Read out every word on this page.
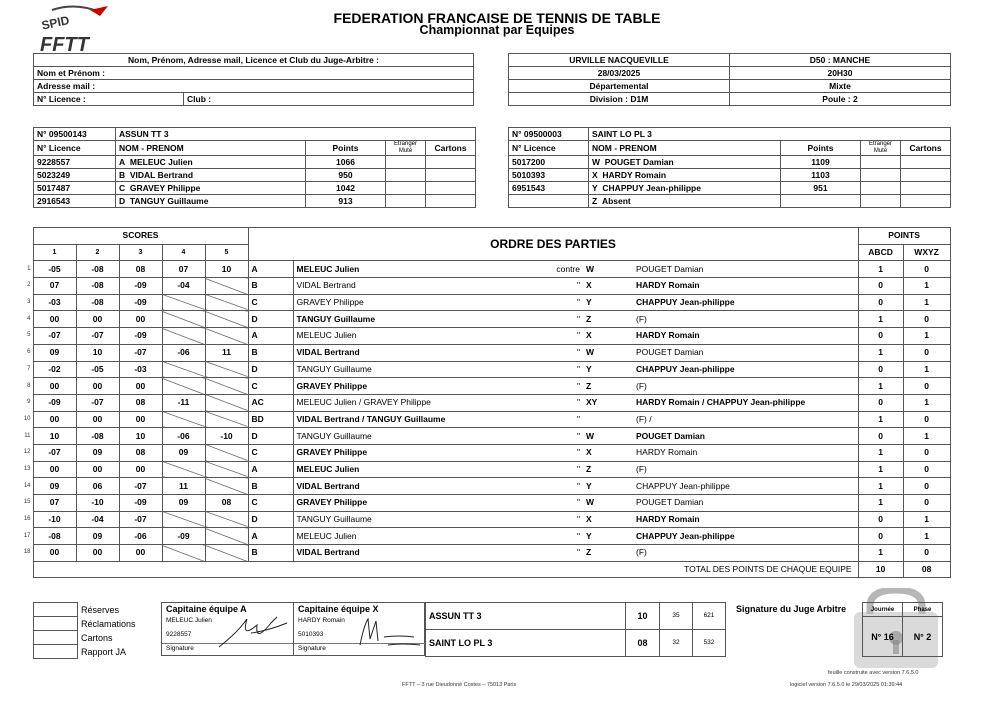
SPID
FFTT
FEDERATION FRANCAISE DE TENNIS DE TABLE
Championnat par Equipes
Nom, Prénom, Adresse mail, Licence et Club du Juge-Arbitre :
Nom et Prénom :
Adresse mail :
N° Licence :	Club :
URVILLE NACQUEVILLE	D50 : MANCHE
28/03/2025	20H30
Départemental	Mixte
Division : D1M	Poule : 2
N° 09500143	ASSUN TT 3			
N° Licence	NOM - PRENOM	Points	Etranger Muté	Cartons
9228557	A MELEUC Julien	1066		
5023249	B VIDAL Bertrand	950		
5017487	C GRAVEY Philippe	1042		
2916543	D TANGUY Guillaume	913		
N° 09500003	SAINT LO PL 3			
N° Licence	NOM - PRENOM	Points	Etranger Muté	Cartons
5017200	W POUGET Damian	1109		
5010393	X HARDY Romain	1103		
6951543	Y CHAPPUY Jean-philippe	951		
	Z Absent			
	SCORES					ORDRE DES PARTIES					POINTS	
	1	2	3	4	5						ABCD	WXYZ
1	-05	-08	08	07	10	A	MELEUC Julien	contre	W	POUGET Damian	1	0
2	07	-08	-09	-04		B	VIDAL Bertrand	"	X	HARDY Romain	0	1
3	-03	-08	-09			C	GRAVEY Philippe	"	Y	CHAPPUY Jean-philippe	0	1
4	00	00	00			D	TANGUY Guillaume	"	Z	(F)	1	0
5	-07	-07	-09			A	MELEUC Julien	"	X	HARDY Romain	0	1
6	09	10	-07	-06	11	B	VIDAL Bertrand	"	W	POUGET Damian	1	0
7	-02	-05	-03			D	TANGUY Guillaume	"	Y	CHAPPUY Jean-philippe	0	1
8	00	00	00			C	GRAVEY Philippe	"	Z	(F)	1	0
9	-09	-07	08	-11		AC	MELEUC Julien / GRAVEY Philippe	"	XY	HARDY Romain / CHAPPUY Jean-philippe	0	1
10	00	00	00			BD	VIDAL Bertrand / TANGUY Guillaume	"		(F) /	1	0
11	10	-08	10	-06	-10	D	TANGUY Guillaume	"	W	POUGET Damian	0	1
12	-07	09	08	09		C	GRAVEY Philippe	"	X	HARDY Romain	1	0
13	00	00	00			A	MELEUC Julien	"	Z	(F)	1	0
14	09	06	-07	11		B	VIDAL Bertrand	"	Y	CHAPPUY Jean-philippe	1	0
15	07	-10	-09	09	08	C	GRAVEY Philippe	"	W	POUGET Damian	1	0
16	-10	-04	-07			D	TANGUY Guillaume	"	X	HARDY Romain	0	1
17	-08	09	-06	-09		A	MELEUC Julien	"	Y	CHAPPUY Jean-philippe	0	1
18	00	00	00			B	VIDAL Bertrand	"	Z	(F)	1	0
	TOTAL DES POINTS DE CHAQUE EQUIPE										10	08
	Réserves
	Réclamations
	Cartons
	Rapport JA
Capitaine équipe A
MELEUC Julien
9228557
Signature
Capitaine équipe X
HARDY Romain
5010393
Signature
ASSUN TT 3	10	35	621
SAINT LO PL 3	08	32	532
Signature du Juge Arbitre	Journée	Phase
N° 16	N° 2
FFTT – 3 rue Dieudonné Costes – 75013 Paris
feuille construite avec version 7.6.5.0
logiciel version 7.6.5.0 le 29/03/2025 01:39:44
